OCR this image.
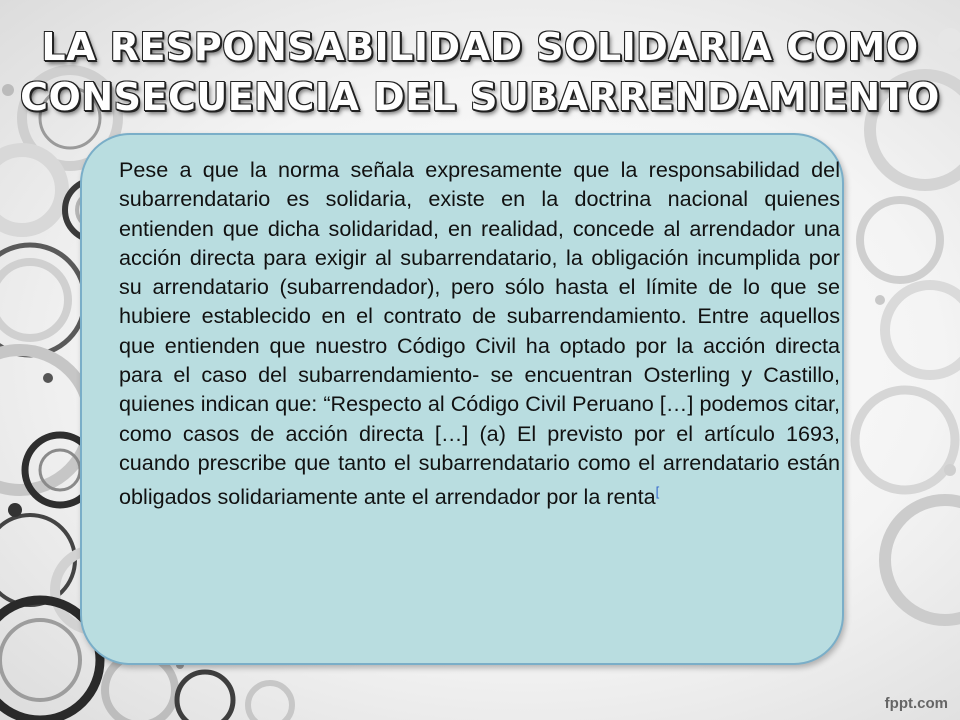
LA RESPONSABILIDAD SOLIDARIA COMO
CONSECUENCIA DEL SUBARRENDAMIENTO

Pese a que la norma señala expresamente que la responsabilidad del subarrendatario es solidaria, existe en la doctrina nacional quienes entienden que dicha solidaridad, en realidad, concede al arrendador una acción directa para exigir al subarrendatario, la obligación incumplida por su arrendatario (subarrendador), pero sólo hasta el límite de lo que se hubiere establecido en el contrato de subarrendamiento. Entre aquellos que entienden que nuestro Código Civil ha optado por la acción directa para el caso del subarrendamiento- se encuentran Osterling y Castillo, quienes indican que: “Respecto al Código Civil Peruano […] podemos citar, como casos de acción directa […] (a) El previsto por el artículo 1693, cuando prescribe que tanto el subarrendatario como el arrendatario están obligados solidariamente ante el arrendador por la renta[

fppt.com
